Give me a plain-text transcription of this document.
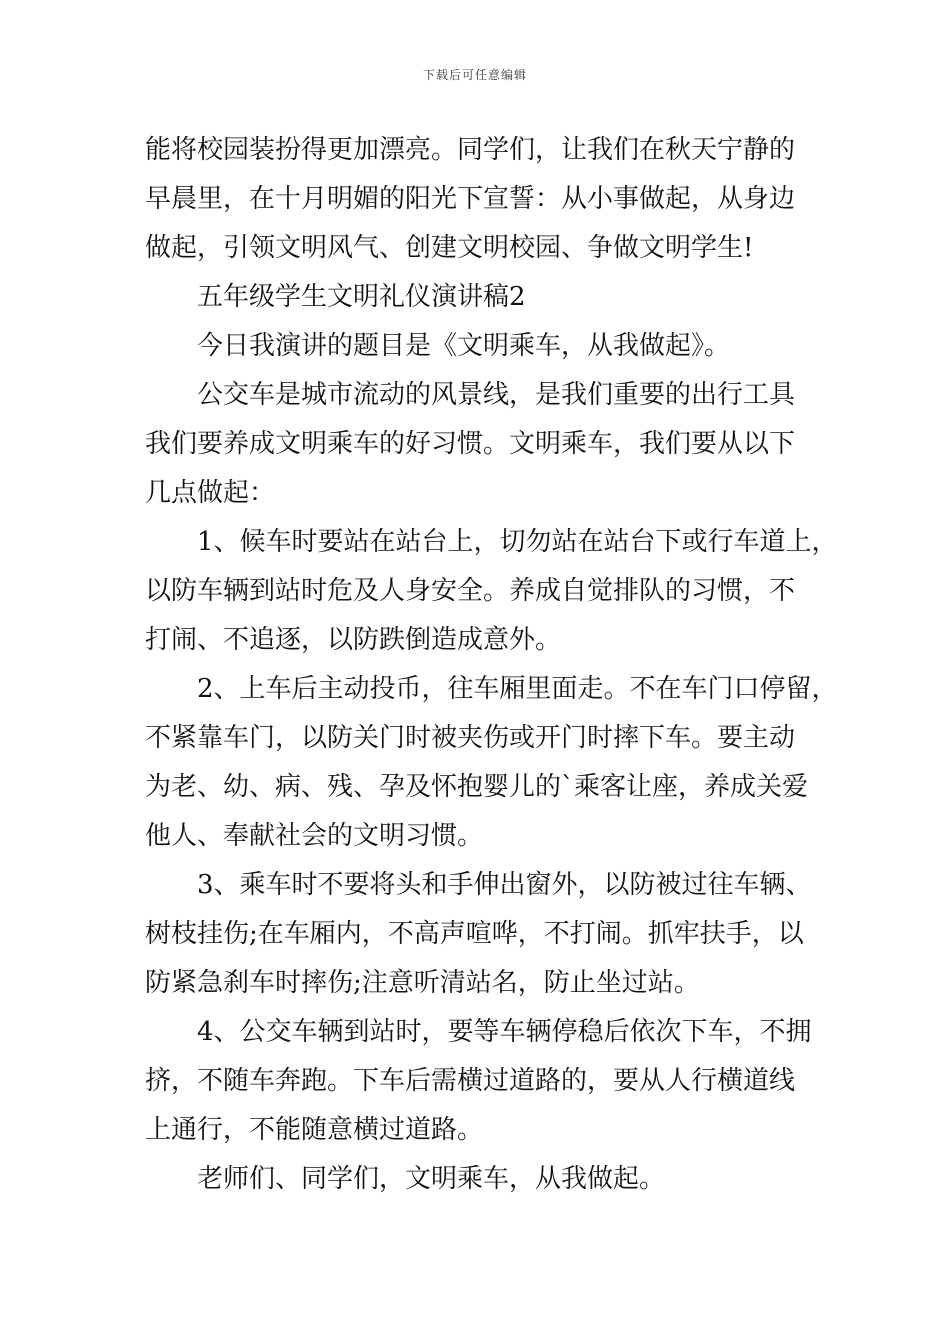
下载后可任意编辑
能将校园装扮得更加漂亮。同学们，让我们在秋天宁静的
早晨里，在十月明媚的阳光下宣誓：从小事做起，从身边
做起，引领文明风气、创建文明校园、争做文明学生!
五年级学生文明礼仪演讲稿2
今日我演讲的题目是《文明乘车，从我做起》。
公交车是城市流动的风景线，是我们重要的出行工具
我们要养成文明乘车的好习惯。文明乘车，我们要从以下
几点做起：
1、候车时要站在站台上，切勿站在站台下或行车道上，
以防车辆到站时危及人身安全。养成自觉排队的习惯，不
打闹、不追逐，以防跌倒造成意外。
2、上车后主动投币，往车厢里面走。不在车门口停留，
不紧靠车门，以防关门时被夹伤或开门时摔下车。要主动
为老、幼、病、残、孕及怀抱婴儿的`乘客让座，养成关爱
他人、奉献社会的文明习惯。
3、乘车时不要将头和手伸出窗外，以防被过往车辆、
树枝挂伤;在车厢内，不高声喧哗，不打闹。抓牢扶手，以
防紧急刹车时摔伤;注意听清站名，防止坐过站。
4、公交车辆到站时，要等车辆停稳后依次下车，不拥
挤，不随车奔跑。下车后需横过道路的，要从人行横道线
上通行，不能随意横过道路。
老师们、同学们，文明乘车，从我做起。
